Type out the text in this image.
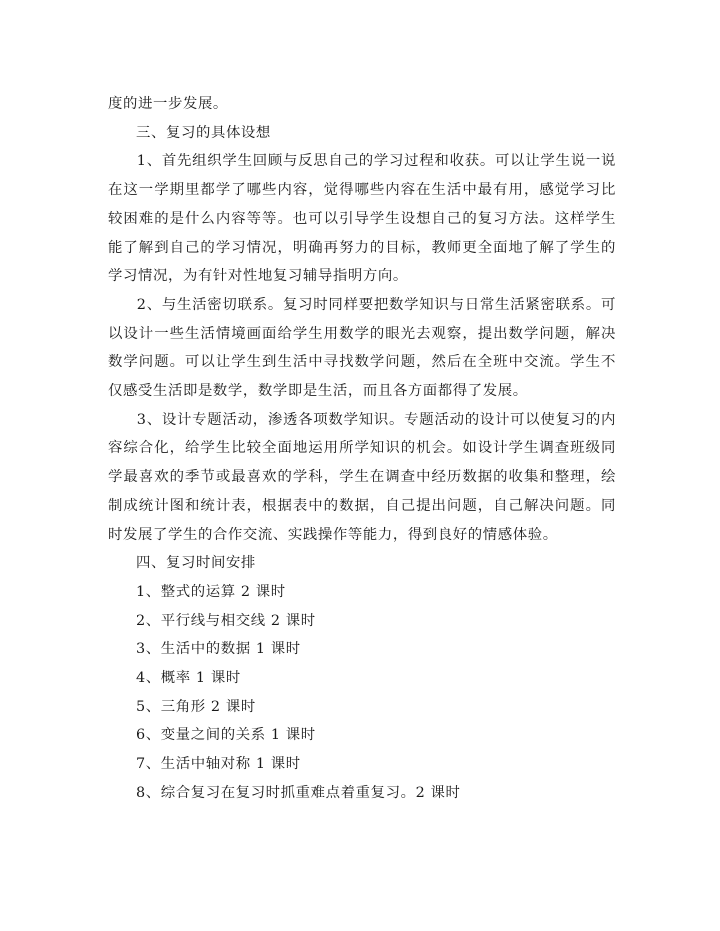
度的进一步发展。

三、复习的具体设想

1、首先组织学生回顾与反思自己的学习过程和收获。可以让学生说一说在这一学期里都学了哪些内容，觉得哪些内容在生活中最有用，感觉学习比较困难的是什么内容等等。也可以引导学生设想自己的复习方法。这样学生能了解到自己的学习情况，明确再努力的目标，教师更全面地了解了学生的学习情况，为有针对性地复习辅导指明方向。

2、与生活密切联系。复习时同样要把数学知识与日常生活紧密联系。可以设计一些生活情境画面给学生用数学的眼光去观察，提出数学问题，解决数学问题。可以让学生到生活中寻找数学问题，然后在全班中交流。学生不仅感受生活即是数学，数学即是生活，而且各方面都得了发展。

3、设计专题活动，渗透各项数学知识。专题活动的设计可以使复习的内容综合化，给学生比较全面地运用所学知识的机会。如设计学生调查班级同学最喜欢的季节或最喜欢的学科，学生在调查中经历数据的收集和整理，绘制成统计图和统计表，根据表中的数据，自己提出问题，自己解决问题。同时发展了学生的合作交流、实践操作等能力，得到良好的情感体验。

四、复习时间安排

1、整式的运算 2 课时

2、平行线与相交线 2 课时

3、生活中的数据 1 课时

4、概率 1 课时

5、三角形 2 课时

6、变量之间的关系 1 课时

7、生活中轴对称 1 课时

8、综合复习在复习时抓重难点着重复习。2 课时
